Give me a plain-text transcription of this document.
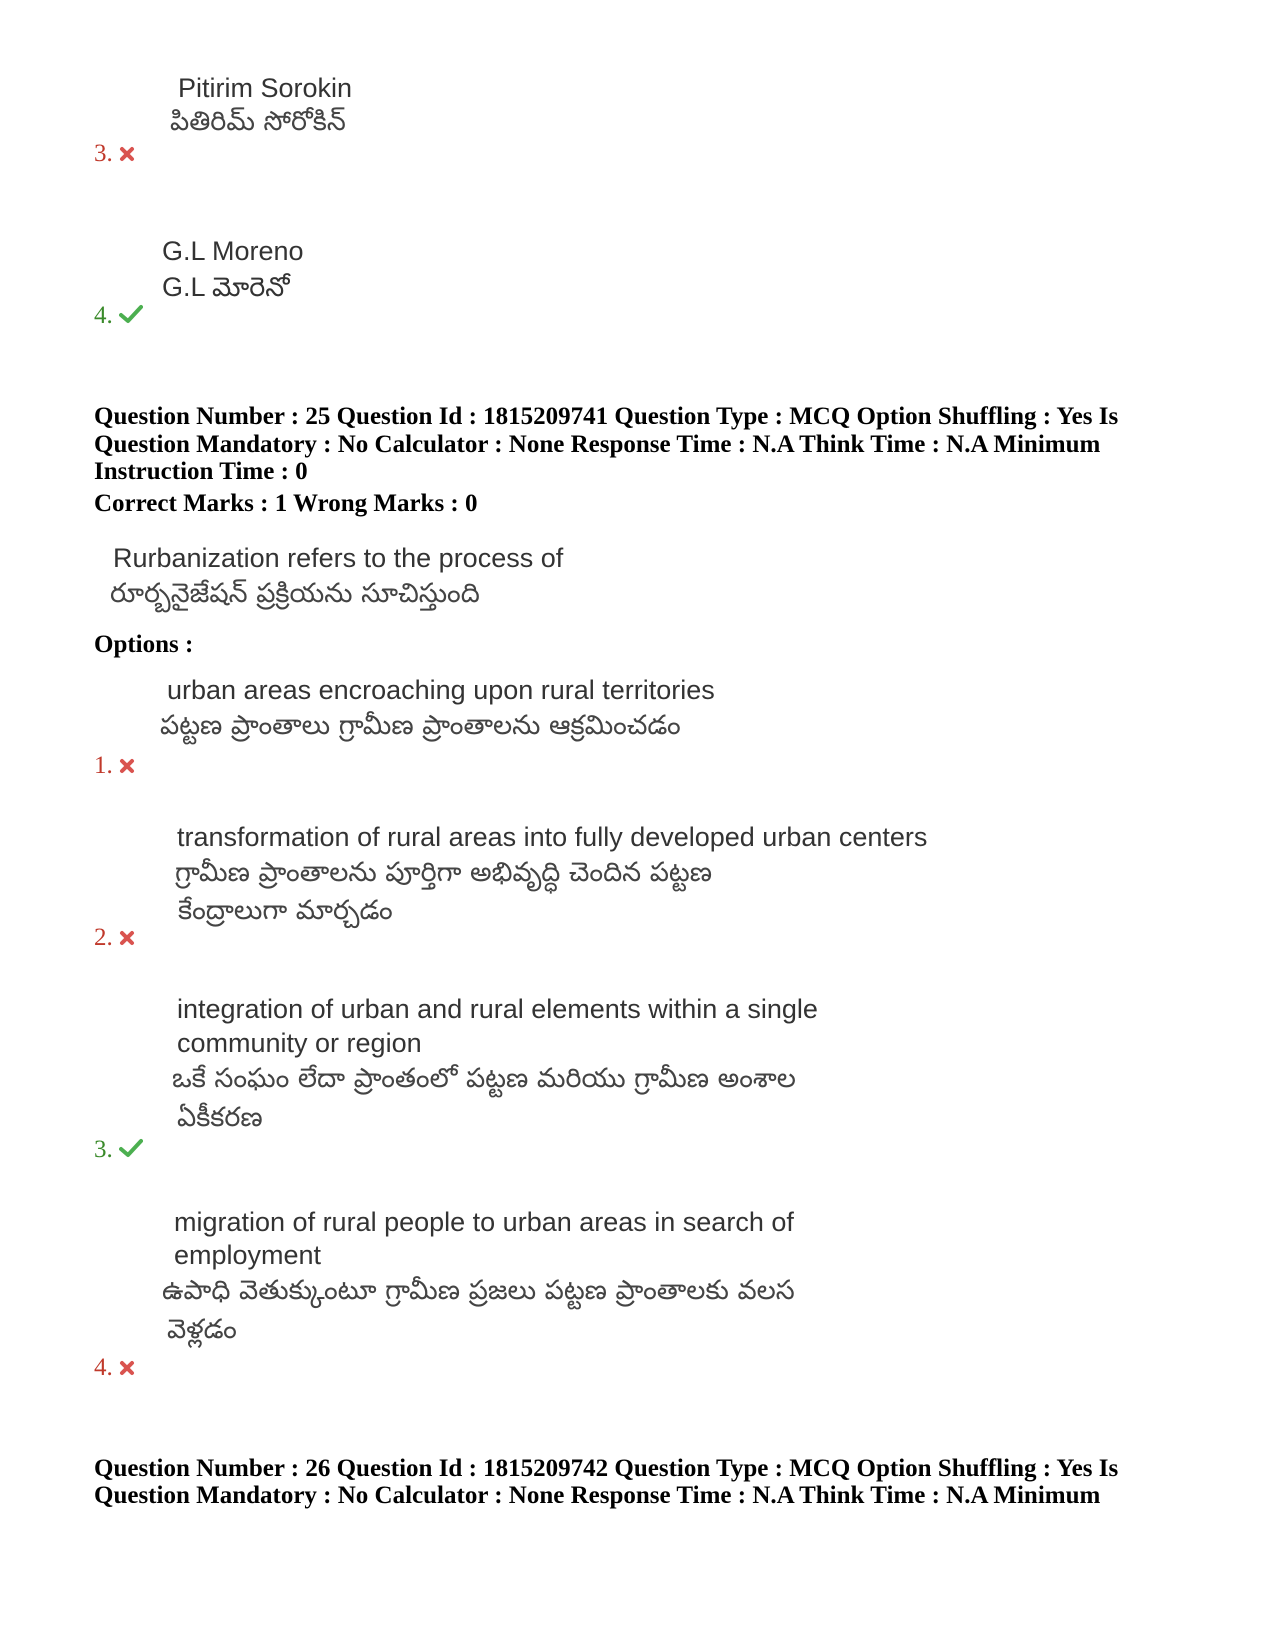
Pitirim Sorokin
పితిరిమ్ సోరోకిన్
3.
G.L Moreno
G.L మోరెనో
4.
Question Number : 25 Question Id : 1815209741 Question Type : MCQ Option Shuffling : Yes Is
Question Mandatory : No Calculator : None Response Time : N.A Think Time : N.A Minimum
Instruction Time : 0
Correct Marks : 1 Wrong Marks : 0
Rurbanization refers to the process of
రూర్బనైజేషన్ ప్రక్రియను సూచిస్తుంది
Options :
urban areas encroaching upon rural territories
పట్టణ ప్రాంతాలు గ్రామీణ ప్రాంతాలను ఆక్రమించడం
1.
transformation of rural areas into fully developed urban centers
గ్రామీణ ప్రాంతాలను పూర్తిగా అభివృద్ధి చెందిన పట్టణ
కేంద్రాలుగా మార్చడం
2.
integration of urban and rural elements within a single
community or region
ఒకే సంఘం లేదా ప్రాంతంలో పట్టణ మరియు గ్రామీణ అంశాల
ఏకీకరణ
3.
migration of rural people to urban areas in search of
employment
ఉపాధి వెతుక్కుంటూ గ్రామీణ ప్రజలు పట్టణ ప్రాంతాలకు వలస
వెళ్లడం
4.
Question Number : 26 Question Id : 1815209742 Question Type : MCQ Option Shuffling : Yes Is
Question Mandatory : No Calculator : None Response Time : N.A Think Time : N.A Minimum
